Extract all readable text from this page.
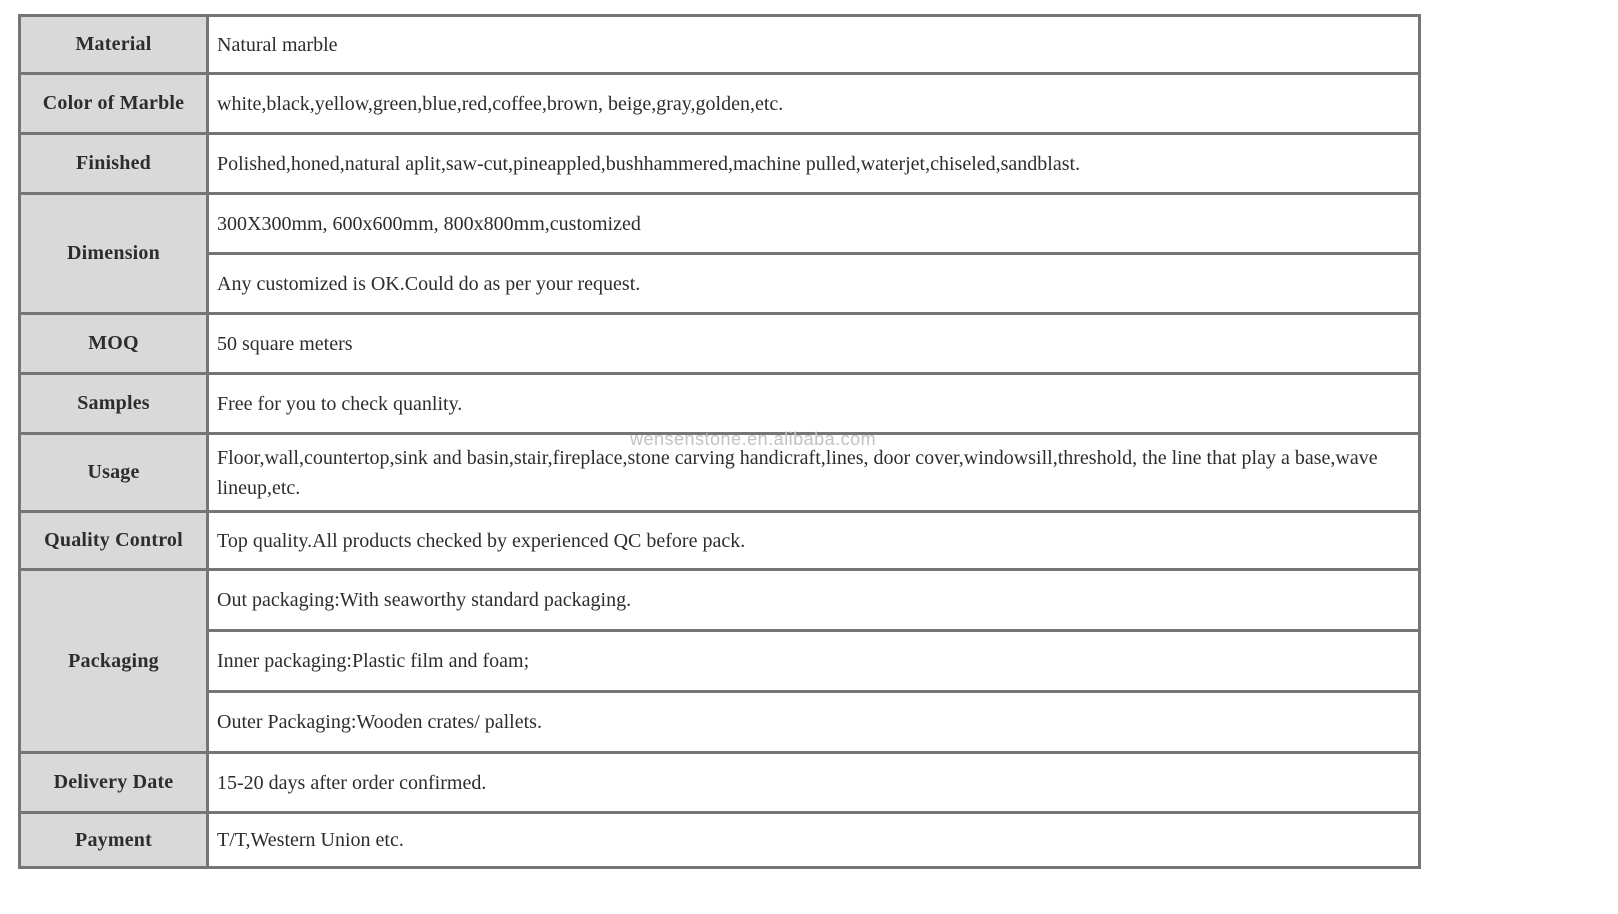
wensenstone.en.alibaba.com
Material	Natural marble
Color of Marble	white,black,yellow,green,blue,red,coffee,brown, beige,gray,golden,etc.
Finished	Polished,honed,natural aplit,saw-cut,pineappled,bushhammered,machine pulled,waterjet,chiseled,sandblast.
Dimension	300X300mm, 600x600mm, 800x800mm,customized
	Any customized is OK.Could do as per your request.
MOQ	50 square meters
Samples	Free for you to check quanlity.
Usage	Floor,wall,countertop,sink and basin,stair,fireplace,stone carving handicraft,lines, door cover,windowsill,threshold, the line that play a base,wave lineup,etc.
Quality Control	Top quality.All products checked by experienced QC before pack.
Packaging	Out packaging:With seaworthy standard packaging.
	Inner packaging:Plastic film and foam;
	Outer Packaging:Wooden crates/ pallets.
Delivery Date	15-20 days after order confirmed.
Payment	T/T,Western Union etc.
